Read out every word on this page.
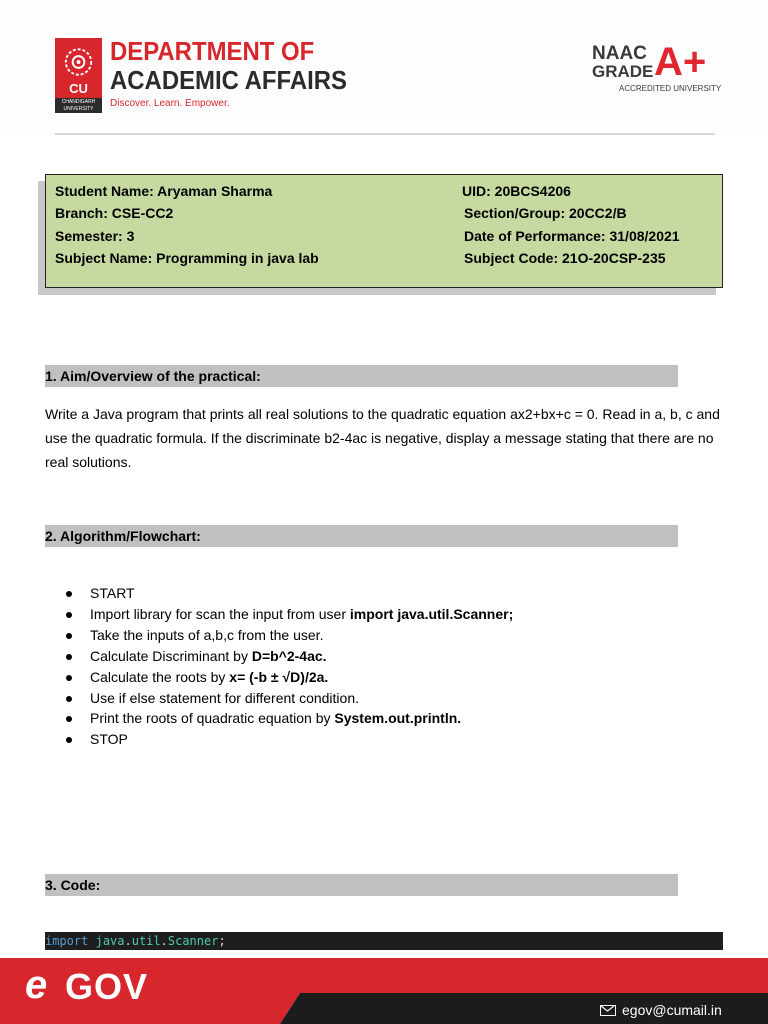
CU
CHANDIGARH UNIVERSITY
DEPARTMENT OF
ACADEMIC AFFAIRS
Discover. Learn. Empower.
NAAC
GRADE A+
ACCREDITED UNIVERSITY
Student Name: Aryaman Sharma	UID: 20BCS4206
Branch: CSE-CC2	Section/Group: 20CC2/B
Semester: 3	Date of Performance: 31/08/2021
Subject Name: Programming in java lab	Subject Code: 21O-20CSP-235
1. Aim/Overview of the practical:
Write a Java program that prints all real solutions to the quadratic equation ax2+bx+c = 0. Read in a, b, c and use the quadratic formula. If the discriminate b2-4ac is negative, display a message stating that there are no real solutions.
2. Algorithm/Flowchart:
START
Import library for scan the input from user import java.util.Scanner;
Take the inputs of a,b,c from the user.
Calculate Discriminant by D=b^2-4ac.
Calculate the roots by x= (-b ± √D)/2a.
Use if else statement for different condition.
Print the roots of quadratic equation by System.out.println.
STOP
3. Code:
import java.util.Scanner;
e GOV
egov@cumail.in
